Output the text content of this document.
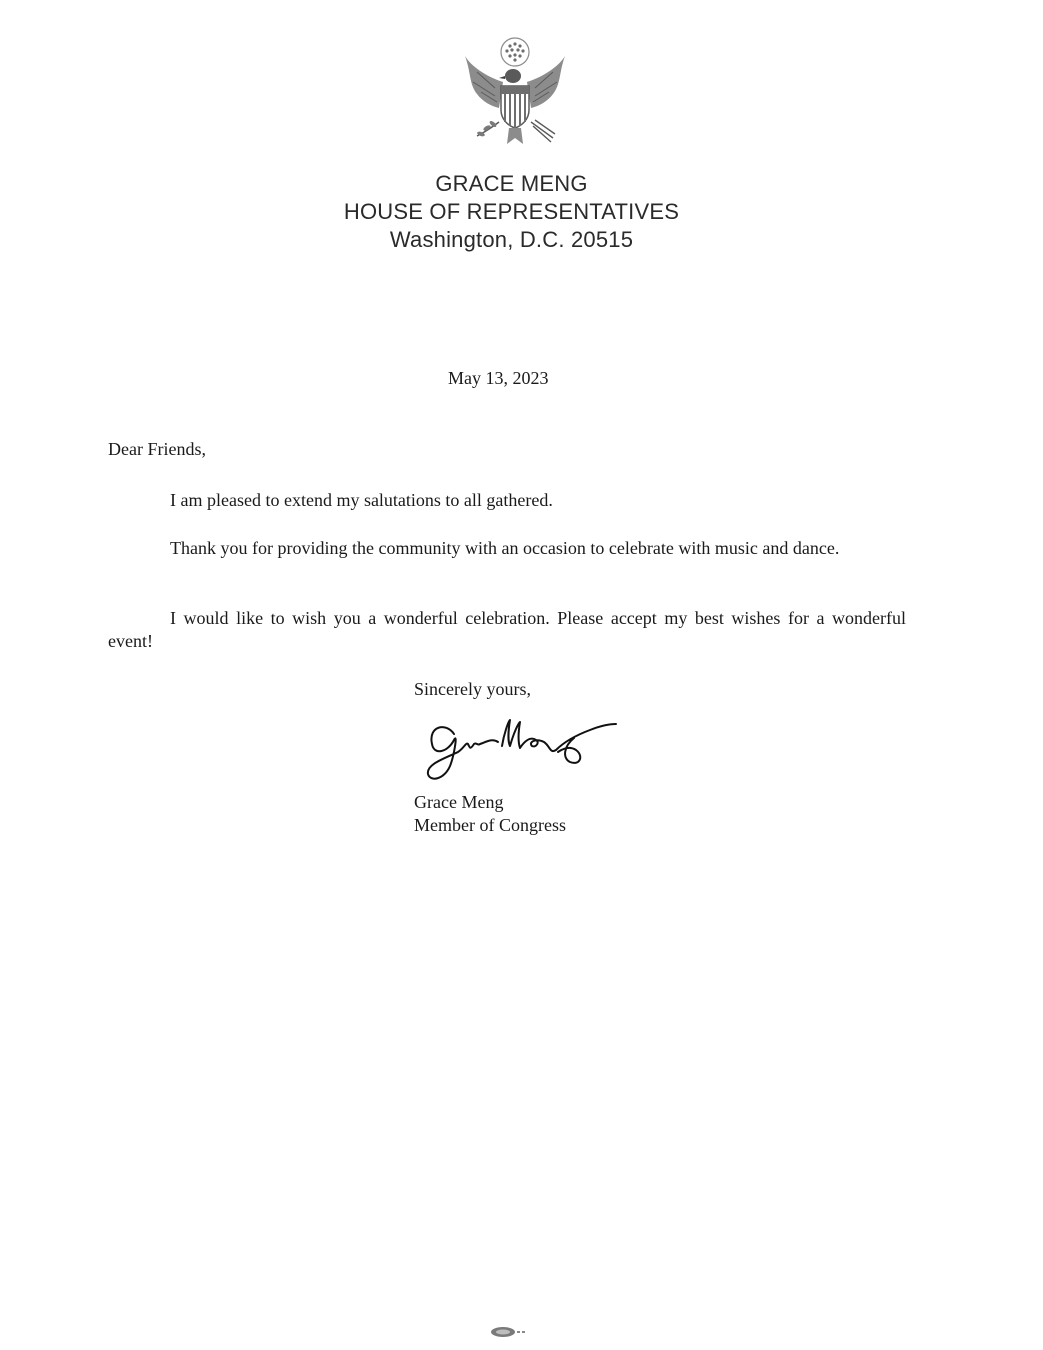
GRACE MENG
HOUSE OF REPRESENTATIVES
Washington, D.C. 20515
May 13, 2023
Dear Friends,

I am pleased to extend my salutations to all gathered.

Thank you for providing the community with an occasion to celebrate with music and dance.

I would like to wish you a wonderful celebration. Please accept my best wishes for a wonderful event!

Sincerely yours,
Grace Meng
Member of Congress
